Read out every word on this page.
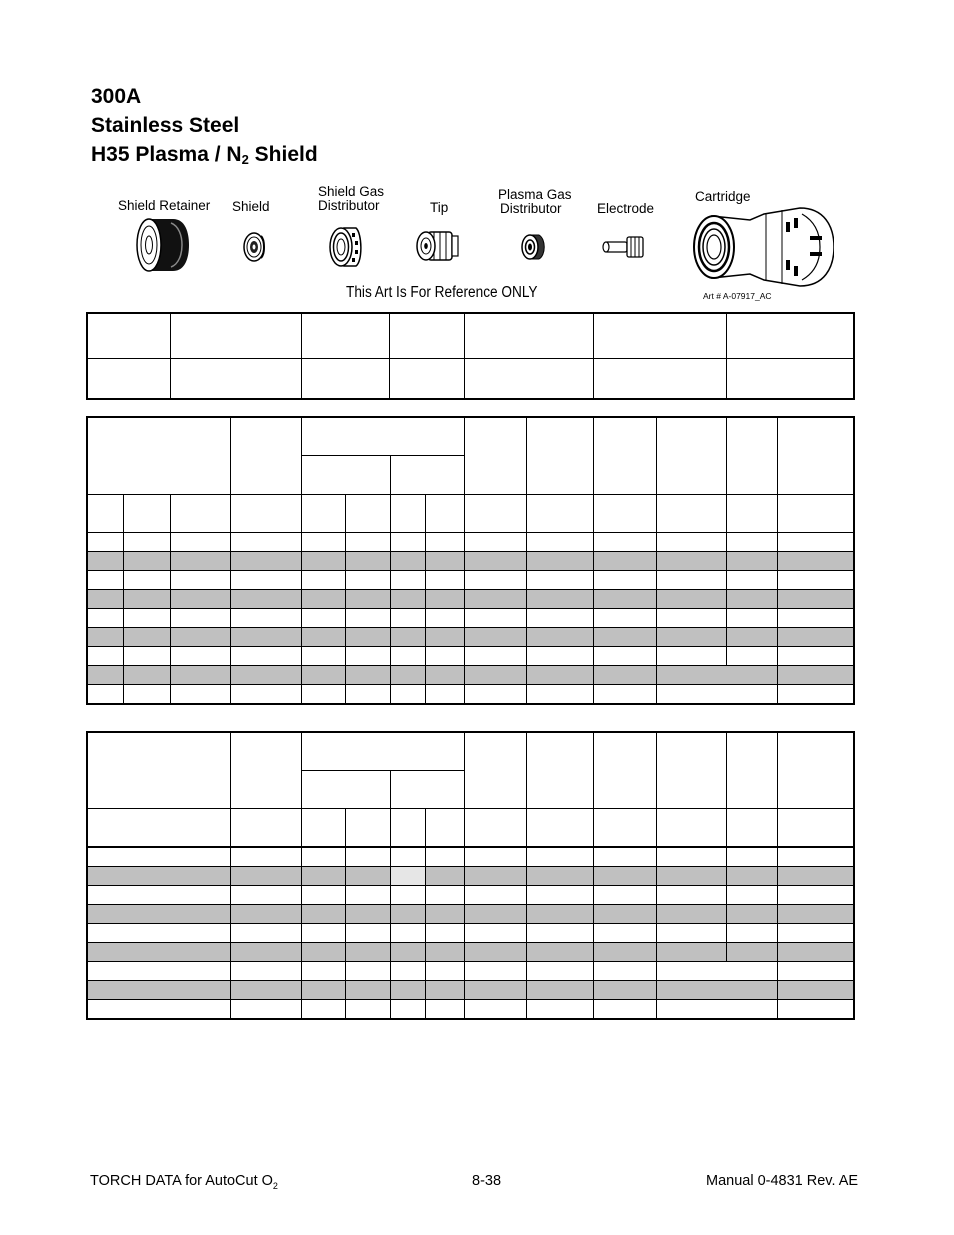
300A
Stainless Steel
H35 Plasma / $N_2$ Shield
Shield Retainer Shield
Shield Gas
Distributor	Tip
Plasma Gas
Distributor	Electrode
Cartridge
This Art Is For Reference ONLY	Art # A-07917_AC

TORCH DATA for AutoCut $O_2$	8-38	Manual 0-4831 Rev. AE
